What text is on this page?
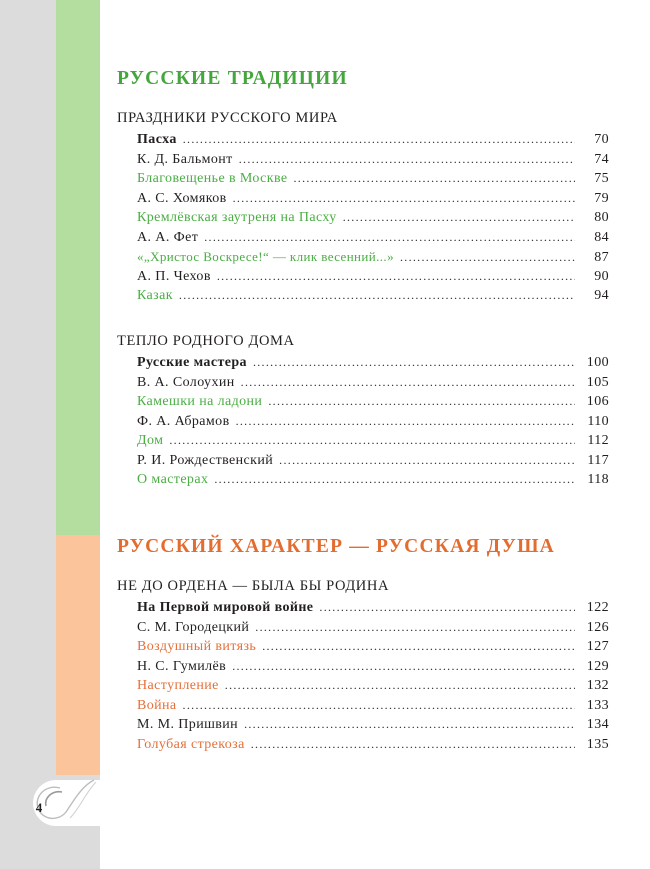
4
РУССКИЕ ТРАДИЦИИ
ПРАЗДНИКИ РУССКОГО МИРА
Пасха .....	70
К. Д. Бальмонт .....	74
Благовещенье в Москве .....	75
А. С. Хомяков .....	79
Кремлёвская заутреня на Пасху .....	80
А. А. Фет .....	84
«„Христос Воскресе!“ — клик весенний...» .....	87
А. П. Чехов .....	90
Казак .....	94
ТЕПЛО РОДНОГО ДОМА
Русские мастера .....	100
В. А. Солоухин .....	105
Камешки на ладони .....	106
Ф. А. Абрамов .....	110
Дом .....	112
Р. И. Рождественский .....	117
О мастерах .....	118
РУССКИЙ ХАРАКТЕР — РУССКАЯ ДУША
НЕ ДО ОРДЕНА — БЫЛА БЫ РОДИНА
На Первой мировой войне .....	122
С. М. Городецкий .....	126
Воздушный витязь .....	127
Н. С. Гумилёв .....	129
Наступление .....	132
Война .....	133
М. М. Пришвин .....	134
Голубая стрекоза .....	135
